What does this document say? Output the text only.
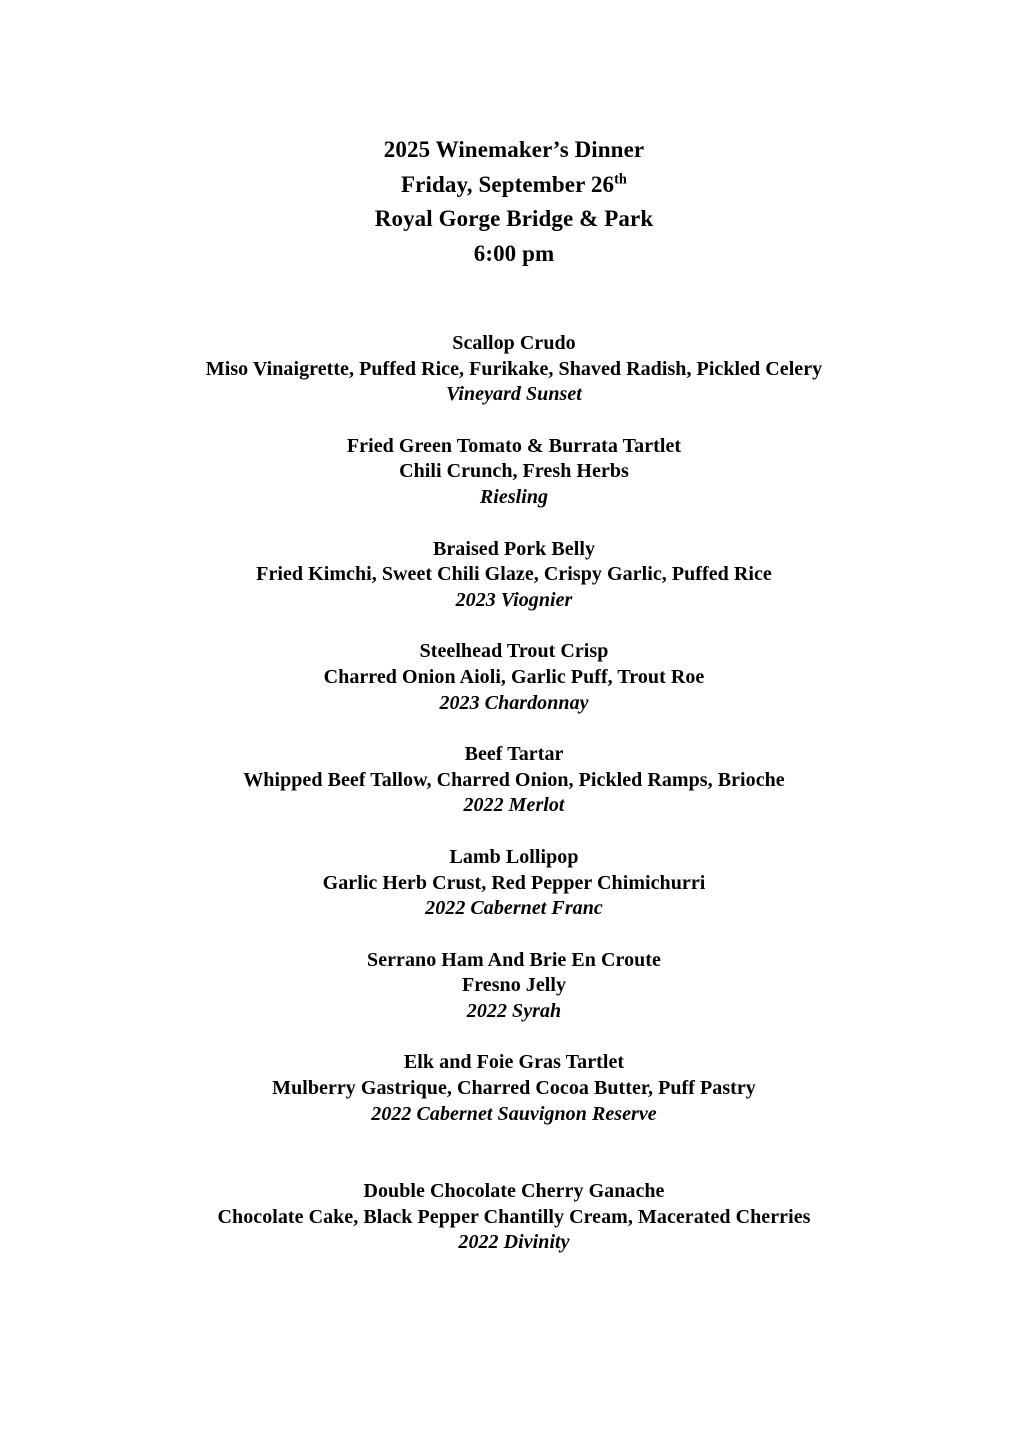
2025 Winemaker’s Dinner
Friday, September 26th
Royal Gorge Bridge & Park
6:00 pm
Scallop Crudo
Miso Vinaigrette, Puffed Rice, Furikake, Shaved Radish, Pickled Celery
Vineyard Sunset
Fried Green Tomato & Burrata Tartlet
Chili Crunch, Fresh Herbs
Riesling
Braised Pork Belly
Fried Kimchi, Sweet Chili Glaze, Crispy Garlic, Puffed Rice
2023 Viognier
Steelhead Trout Crisp
Charred Onion Aioli, Garlic Puff, Trout Roe
2023 Chardonnay
Beef Tartar
Whipped Beef Tallow, Charred Onion, Pickled Ramps, Brioche
2022 Merlot
Lamb Lollipop
Garlic Herb Crust, Red Pepper Chimichurri
2022 Cabernet Franc
Serrano Ham And Brie En Croute
Fresno Jelly
2022 Syrah
Elk and Foie Gras Tartlet
Mulberry Gastrique, Charred Cocoa Butter, Puff Pastry
2022 Cabernet Sauvignon Reserve
Double Chocolate Cherry Ganache
Chocolate Cake, Black Pepper Chantilly Cream, Macerated Cherries
2022 Divinity
